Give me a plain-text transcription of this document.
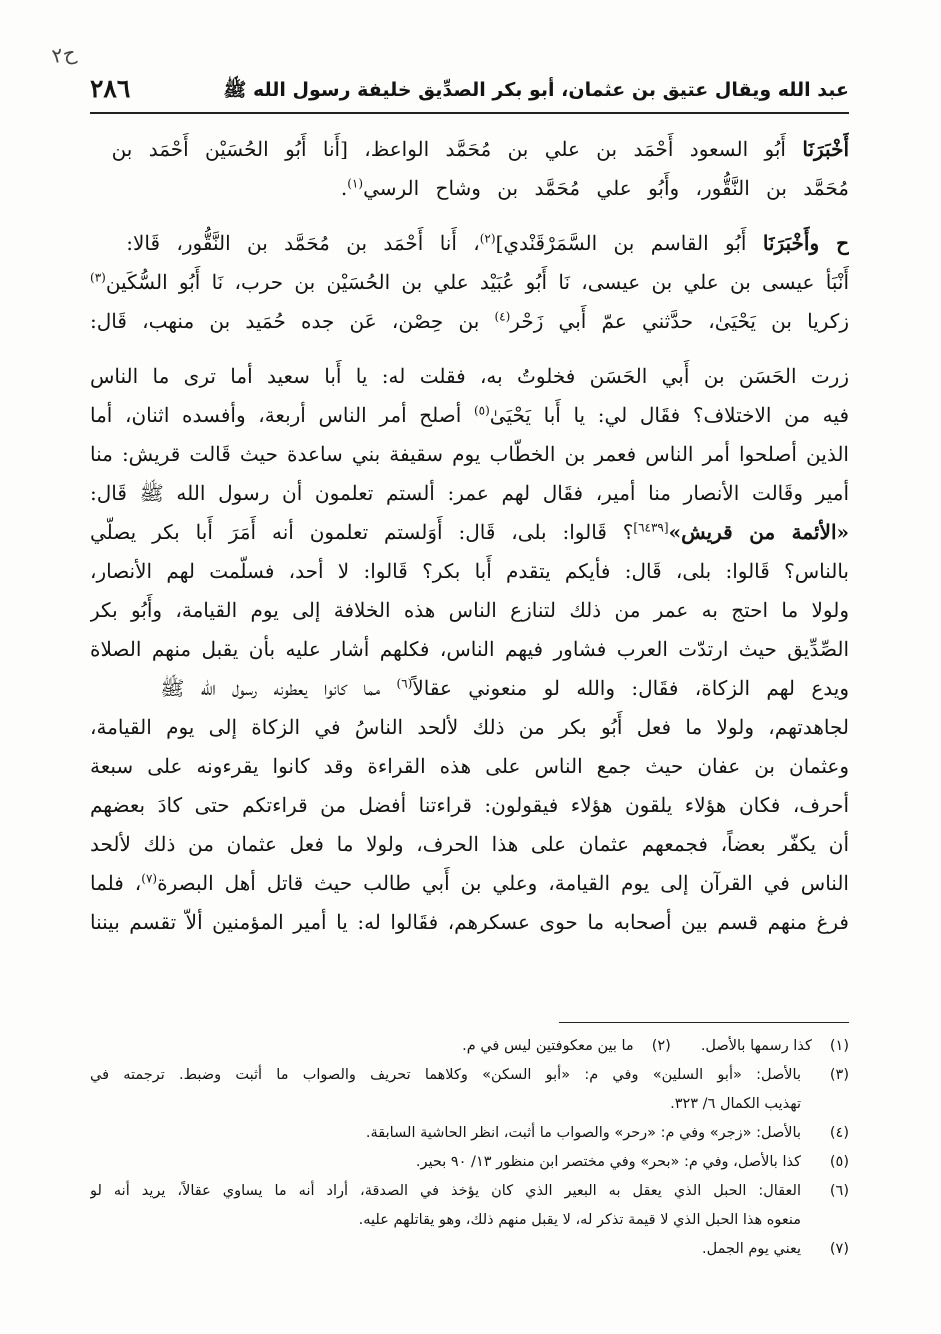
ح٢
عبد الله ويقال عتيق بن عثمان، أبو بكر الصدِّيق خليفة رسول الله ﷺ
٢٨٦
أَخْبَرَنَا أَبُو السعود أَحْمَد بن علي بن مُحَمَّد الواعظ، [أَنا أَبُو الحُسَيْن أَحْمَد بن
مُحَمَّد بن النَّقُّور، وأَبُو علي مُحَمَّد بن وشاح الرسي$^{(١)}$.
ح وأَخْبَرَنَا أَبُو القاسم بن السَّمَرْقَنْدي]$^{(٢)}$، أَنا أَحْمَد بن مُحَمَّد بن النَّقُّور، قَالا:
أَنْبَأ عيسى بن علي بن عيسى، نَا أَبُو عُبَيْد علي بن الحُسَيْن بن حرب، نَا أَبُو السُّكَين$^{(٣)}$
زكريا بن يَحْيَىٰ، حدَّثني عمّ أَبي زَحْر$^{(٤)}$ بن حِصْن، عَن جده حُمَيد بن منهب، قَال:
زرت الحَسَن بن أَبي الحَسَن فخلوتُ به، فقلت له: يا أَبا سعيد أما ترى ما الناس
فيه من الاختلاف؟ فقَال لي: يا أَبا يَحْيَىٰ$^{(٥)}$ أصلح أمر الناس أربعة، وأفسده اثنان، أما
الذين أصلحوا أمر الناس فعمر بن الخطّاب يوم سقيفة بني ساعدة حيث قَالت قريش: منا
أمير وقَالت الأنصار منا أمير، فقَال لهم عمر: ألستم تعلمون أن رسول الله ﷺ قَال:
«الأئمة من قريش»[٦٤٣٩]؟ قَالوا: بلى، قَال: أَوَلستم تعلمون أنه أَمَرَ أَبا بكر يصلّي
بالناس؟ قَالوا: بلى، قَال: فأيكم يتقدم أَبا بكر؟ قَالوا: لا أحد، فسلّمت لهم الأنصار،
ولولا ما احتج به عمر من ذلك لتنازع الناس هذه الخلافة إلى يوم القيامة، وأَبُو بكر
الصِّدِّيق حيث ارتدّت العرب فشاور فيهم الناس، فكلهم أشار عليه بأن يقبل منهم الصلاة
ويدع لهم الزكاة، فقَال: والله لو منعوني عقالاً$^{(٦)}$ مما كانوا يعطونه رسول الله ﷺ
لجاهدتهم، ولولا ما فعل أَبُو بكر من ذلك لألحد الناسُ في الزكاة إلى يوم القيامة،
وعثمان بن عفان حيث جمع الناس على هذه القراءة وقد كانوا يقرءونه على سبعة
أحرف، فكان هؤلاء يلقون هؤلاء فيقولون: قراءتنا أفضل من قراءتكم حتى كادَ بعضهم
أن يكفّر بعضاً، فجمعهم عثمان على هذا الحرف، ولولا ما فعل عثمان من ذلك لألحد
الناس في القرآن إلى يوم القيامة، وعلي بن أَبي طالب حيث قاتل أهل البصرة$^{(٧)}$، فلما
فرغ منهم قسم بين أصحابه ما حوى عسكرهم، فقَالوا له: يا أمير المؤمنين ألاّ تقسم بيننا
(١)كذا رسمها بالأصل.
(٢)ما بين معكوفتين ليس في م.
(٣)
بالأصل: «أبو السلين» وفي م: «أبو السكن» وكلاهما تحريف والصواب ما أثبت وضبط. ترجمته في
تهذيب الكمال ٦/ ٣٢٣.
(٤)
بالأصل: «زجر» وفي م: «رحر» والصواب ما أثبت، انظر الحاشية السابقة.
(٥)
كذا بالأصل، وفي م: «بحر» وفي مختصر ابن منظور ١٣/ ٩٠ بحير.
(٦)
العقال: الحبل الذي يعقل به البعير الذي كان يؤخذ في الصدقة، أراد أنه ما يساوي عقالاً، يريد أنه لو
منعوه هذا الحبل الذي لا قيمة تذكر له، لا يقبل منهم ذلك، وهو يقاتلهم عليه.
(٧)
يعني يوم الجمل.
